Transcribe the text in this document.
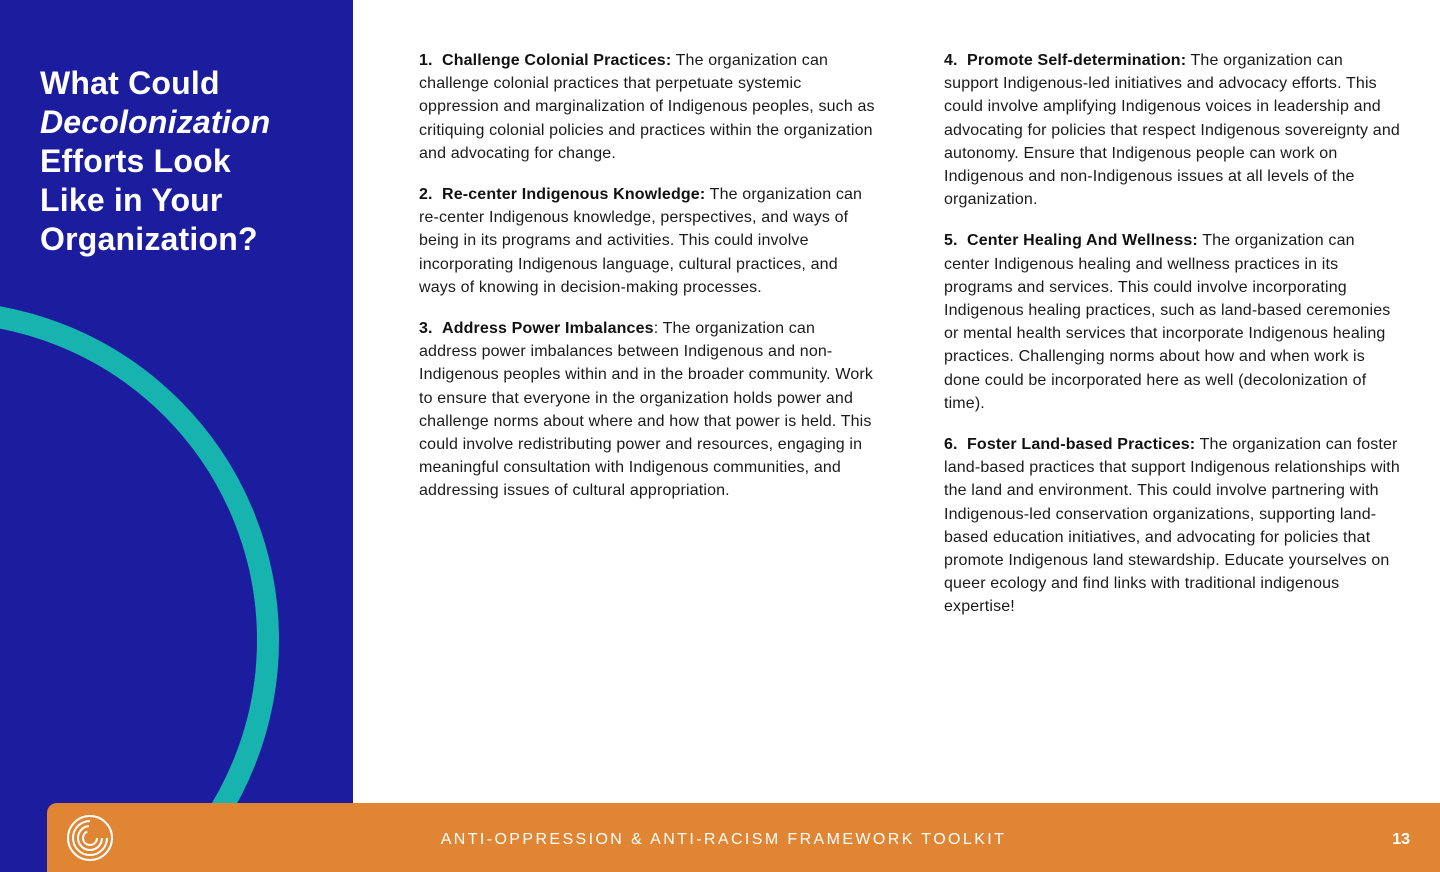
What Could
Decolonization
Efforts Look
Like in Your
Organization?

1. Challenge Colonial Practices: The organization can challenge colonial practices that perpetuate systemic oppression and marginalization of Indigenous peoples, such as critiquing colonial policies and practices within the organization and advocating for change.

2. Re-center Indigenous Knowledge: The organization can re-center Indigenous knowledge, perspectives, and ways of being in its programs and activities. This could involve incorporating Indigenous language, cultural practices, and ways of knowing in decision-making processes.

3. Address Power Imbalances: The organization can address power imbalances between Indigenous and non-Indigenous peoples within and in the broader community. Work to ensure that everyone in the organization holds power and challenge norms about where and how that power is held. This could involve redistributing power and resources, engaging in meaningful consultation with Indigenous communities, and addressing issues of cultural appropriation.

4. Promote Self-determination: The organization can support Indigenous-led initiatives and advocacy efforts. This could involve amplifying Indigenous voices in leadership and advocating for policies that respect Indigenous sovereignty and autonomy. Ensure that Indigenous people can work on Indigenous and non-Indigenous issues at all levels of the organization.

5. Center Healing And Wellness: The organization can center Indigenous healing and wellness practices in its programs and services. This could involve incorporating Indigenous healing practices, such as land-based ceremonies or mental health services that incorporate Indigenous healing practices. Challenging norms about how and when work is done could be incorporated here as well (decolonization of time).

6. Foster Land-based Practices: The organization can foster land-based practices that support Indigenous relationships with the land and environment. This could involve partnering with Indigenous-led conservation organizations, supporting land-based education initiatives, and advocating for policies that promote Indigenous land stewardship. Educate yourselves on queer ecology and find links with traditional indigenous expertise!

ANTI-OPPRESSION & ANTI-RACISM FRAMEWORK TOOLKIT	13
